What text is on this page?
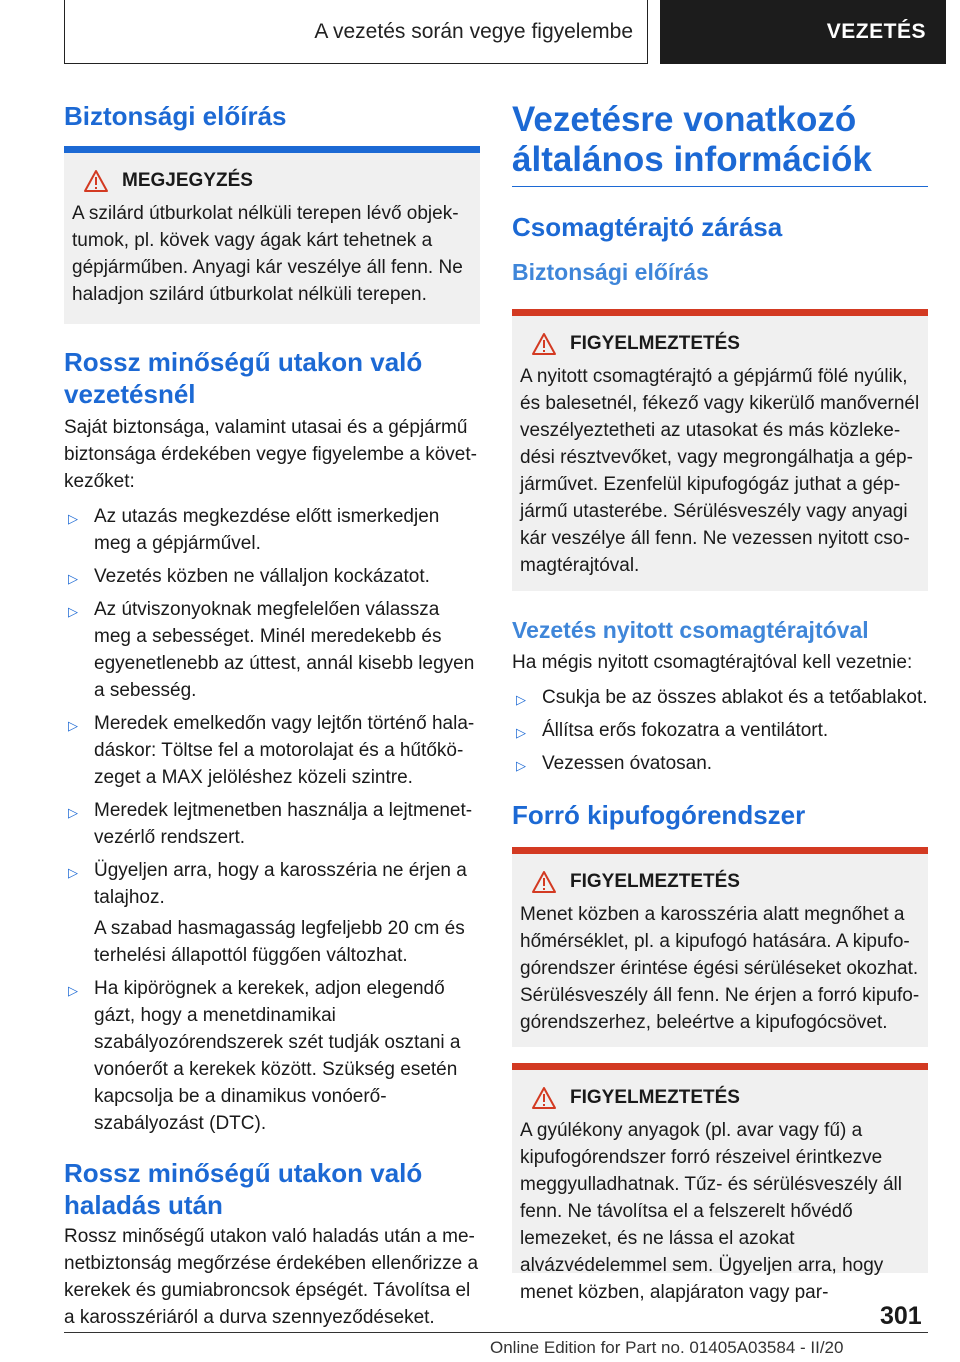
A vezetés során vegye figyelembe	VEZETÉS
Biztonsági előírás
MEGJEGYZÉS
A szilárd útburkolat nélküli terepen lévő objektumok, pl. kövek vagy ágak kárt tehetnek a gépjárműben. Anyagi kár veszélye áll fenn. Ne haladjon szilárd útburkolat nélküli terepen.
Rossz minőségű utakon való vezetésnél

Saját biztonsága, valamint utasai és a gépjármű biztonsága érdekében vegye figyelembe a következőket:

▷ Az utazás megkezdése előtt ismerkedjen meg a gépjárművel.
▷ Vezetés közben ne vállaljon kockázatot.
▷ Az útviszonyoknak megfelelően válassza meg a sebességet. Minél meredekebb és egyenetlenebb az úttest, annál kisebb legyen a sebesség.
▷ Meredek emelkedőn vagy lejtőn történő haladáskor: Töltse fel a motorolajat és a hűtőközeget a MAX jelöléshez közeli szintre.
▷ Meredek lejtmenetben használja a lejtmenetvezérlő rendszert.
▷ Ügyeljen arra, hogy a karosszéria ne érjen a talajhoz.
A szabad hasmagasság legfeljebb 20 cm és terhelési állapottól függően változhat.
▷ Ha kipörögnek a kerekek, adjon elegendő gázt, hogy a menetdinamikai szabályozórendszerek szét tudják osztani a vonóerőt a kerekek között. Szükség esetén kapcsolja be a dinamikus vonóerő-szabályozást (DTC).
Rossz minőségű utakon való haladás után

Rossz minőségű utakon való haladás után a menetbiztonság megőrzése érdekében ellenőrizze a kerekek és gumiabroncsok épségét. Távolítsa el a karosszériáról a durva szennyeződéseket.

Vezetésre vonatkozó általános információk
Csomagtérajtó zárása
Biztonsági előírás
FIGYELMEZTETÉS
A nyitott csomagtérajtó a gépjármű fölé nyúlik, és balesetnél, fékező vagy kikerülő manővernél veszélyeztetheti az utasokat és más közlekedési résztvevőket, vagy megrongálhatja a gépjárművet. Ezenfelül kipufogógáz juthat a gépjármű utasterébe. Sérülésveszély vagy anyagi kár veszélye áll fenn. Ne vezessen nyitott csomagtérajtóval.
Vezetés nyitott csomagtérajtóval

Ha mégis nyitott csomagtérajtóval kell vezetnie:

▷ Csukja be az összes ablakot és a tetőablakot.
▷ Állítsa erős fokozatra a ventilátort.
▷ Vezessen óvatosan.
Forró kipufogórendszer
FIGYELMEZTETÉS
Menet közben a karosszéria alatt megnőhet a hőmérséklet, pl. a kipufogó hatására. A kipufogórendszer érintése égési sérüléseket okozhat. Sérülésveszély áll fenn. Ne érjen a forró kipufogórendszerhez, beleértve a kipufogócsövet.
FIGYELMEZTETÉS
A gyúlékony anyagok (pl. avar vagy fű) a kipufogórendszer forró részeivel érintkezve meggyulladhatnak. Tűz- és sérülésveszély áll fenn. Ne távolítsa el a felszerelt hővédő lemezeket, és ne lássa el azokat alvázvédelemmel sem. Ügyeljen arra, hogy menet közben, alapjáraton vagy par-
301
Online Edition for Part no. 01405A03584 - II/20
